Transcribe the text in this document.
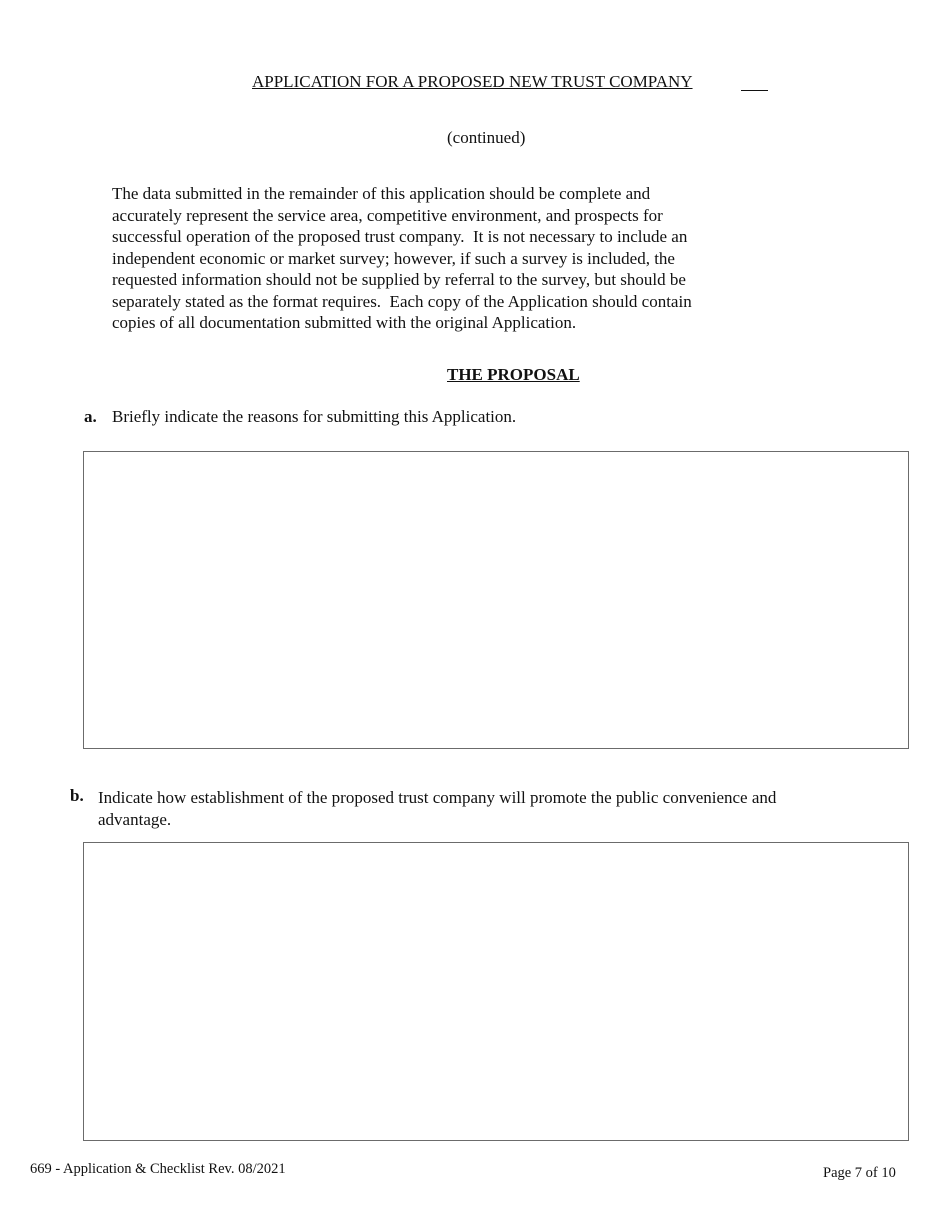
APPLICATION FOR A PROPOSED NEW TRUST COMPANY
(continued)
The data submitted in the remainder of this application should be complete and
accurately represent the service area, competitive environment, and prospects for
successful operation of the proposed trust company.  It is not necessary to include an
independent economic or market survey; however, if such a survey is included, the
requested information should not be supplied by referral to the survey, but should be
separately stated as the format requires.  Each copy of the Application should contain
copies of all documentation submitted with the original Application.
THE PROPOSAL
a. Briefly indicate the reasons for submitting this Application.
b. Indicate how establishment of the proposed trust company will promote the public convenience and
advantage.
669 - Application & Checklist Rev. 08/2021	Page 7 of 10
